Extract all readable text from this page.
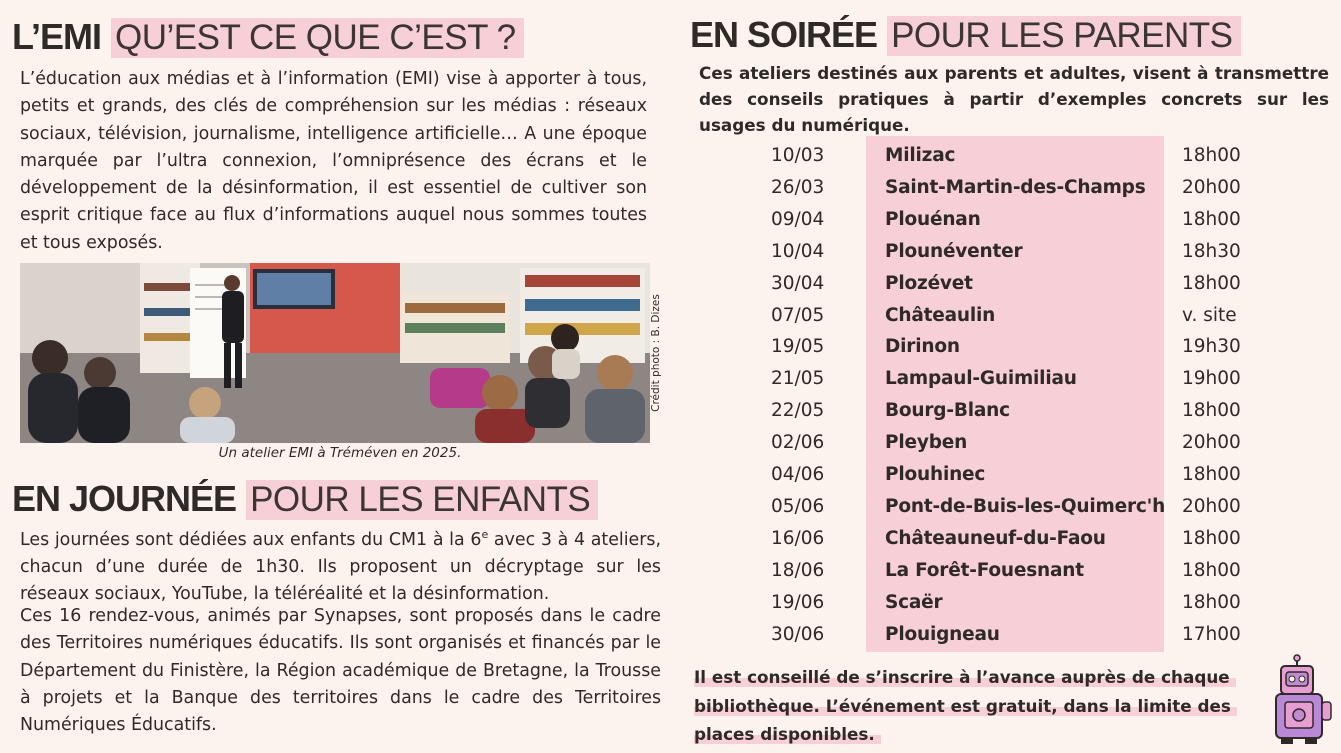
L’EMI QU’EST CE QUE C’EST ?

L’éducation aux médias et à l’information (EMI) vise à apporter à tous, petits et grands, des clés de compréhension sur les médias : réseaux sociaux, télévision, journalisme, intelligence artificielle… A une époque marquée par l’ultra connexion, l’omniprésence des écrans et le développement de la désinformation, il est essentiel de cultiver son esprit critique face au flux d’informations auquel nous sommes toutes et tous exposés.

Crédit photo : B. Dizes

Un atelier EMI à Tréméven en 2025.

EN JOURNÉE POUR LES ENFANTS

Les journées sont dédiées aux enfants du CM1 à la 6e avec 3 à 4 ateliers, chacun d’une durée de 1h30. Ils proposent un décryptage sur les réseaux sociaux, YouTube, la téléréalité et la désinformation.

Ces 16 rendez-vous, animés par Synapses, sont proposés dans le cadre des Territoires numériques éducatifs. Ils sont organisés et financés par le Département du Finistère, la Région académique de Bretagne, la Trousse à projets et la Banque des territoires dans le cadre des Territoires Numériques Éducatifs.

EN SOIRÉE POUR LES PARENTS

Ces ateliers destinés aux parents et adultes, visent à transmettre des conseils pratiques à partir d’exemples concrets sur les usages du numérique.

10/03	Milizac	18h00
26/03	Saint-Martin-des-Champs 20h00
09/04	Plouénan	18h00
10/04	Plounéventer	18h30
30/04	Plozévet	18h00
07/05	Châteaulin	v. site
19/05	Dirinon	19h30
21/05	Lampaul-Guimiliau	19h00
22/05	Bourg-Blanc	18h00
02/06	Pleyben	20h00
04/06	Plouhinec	18h00
05/06	Pont-de-Buis-les-Quimerc'h 20h00
16/06	Châteauneuf-du-Faou	18h00
18/06	La Forêt-Fouesnant	18h00
19/06	Scaër	18h00
30/06	Plouigneau	17h00

Il est conseillé de s’inscrire à l’avance auprès de chaque
bibliothèque. L’événement est gratuit, dans la limite des
places disponibles.
